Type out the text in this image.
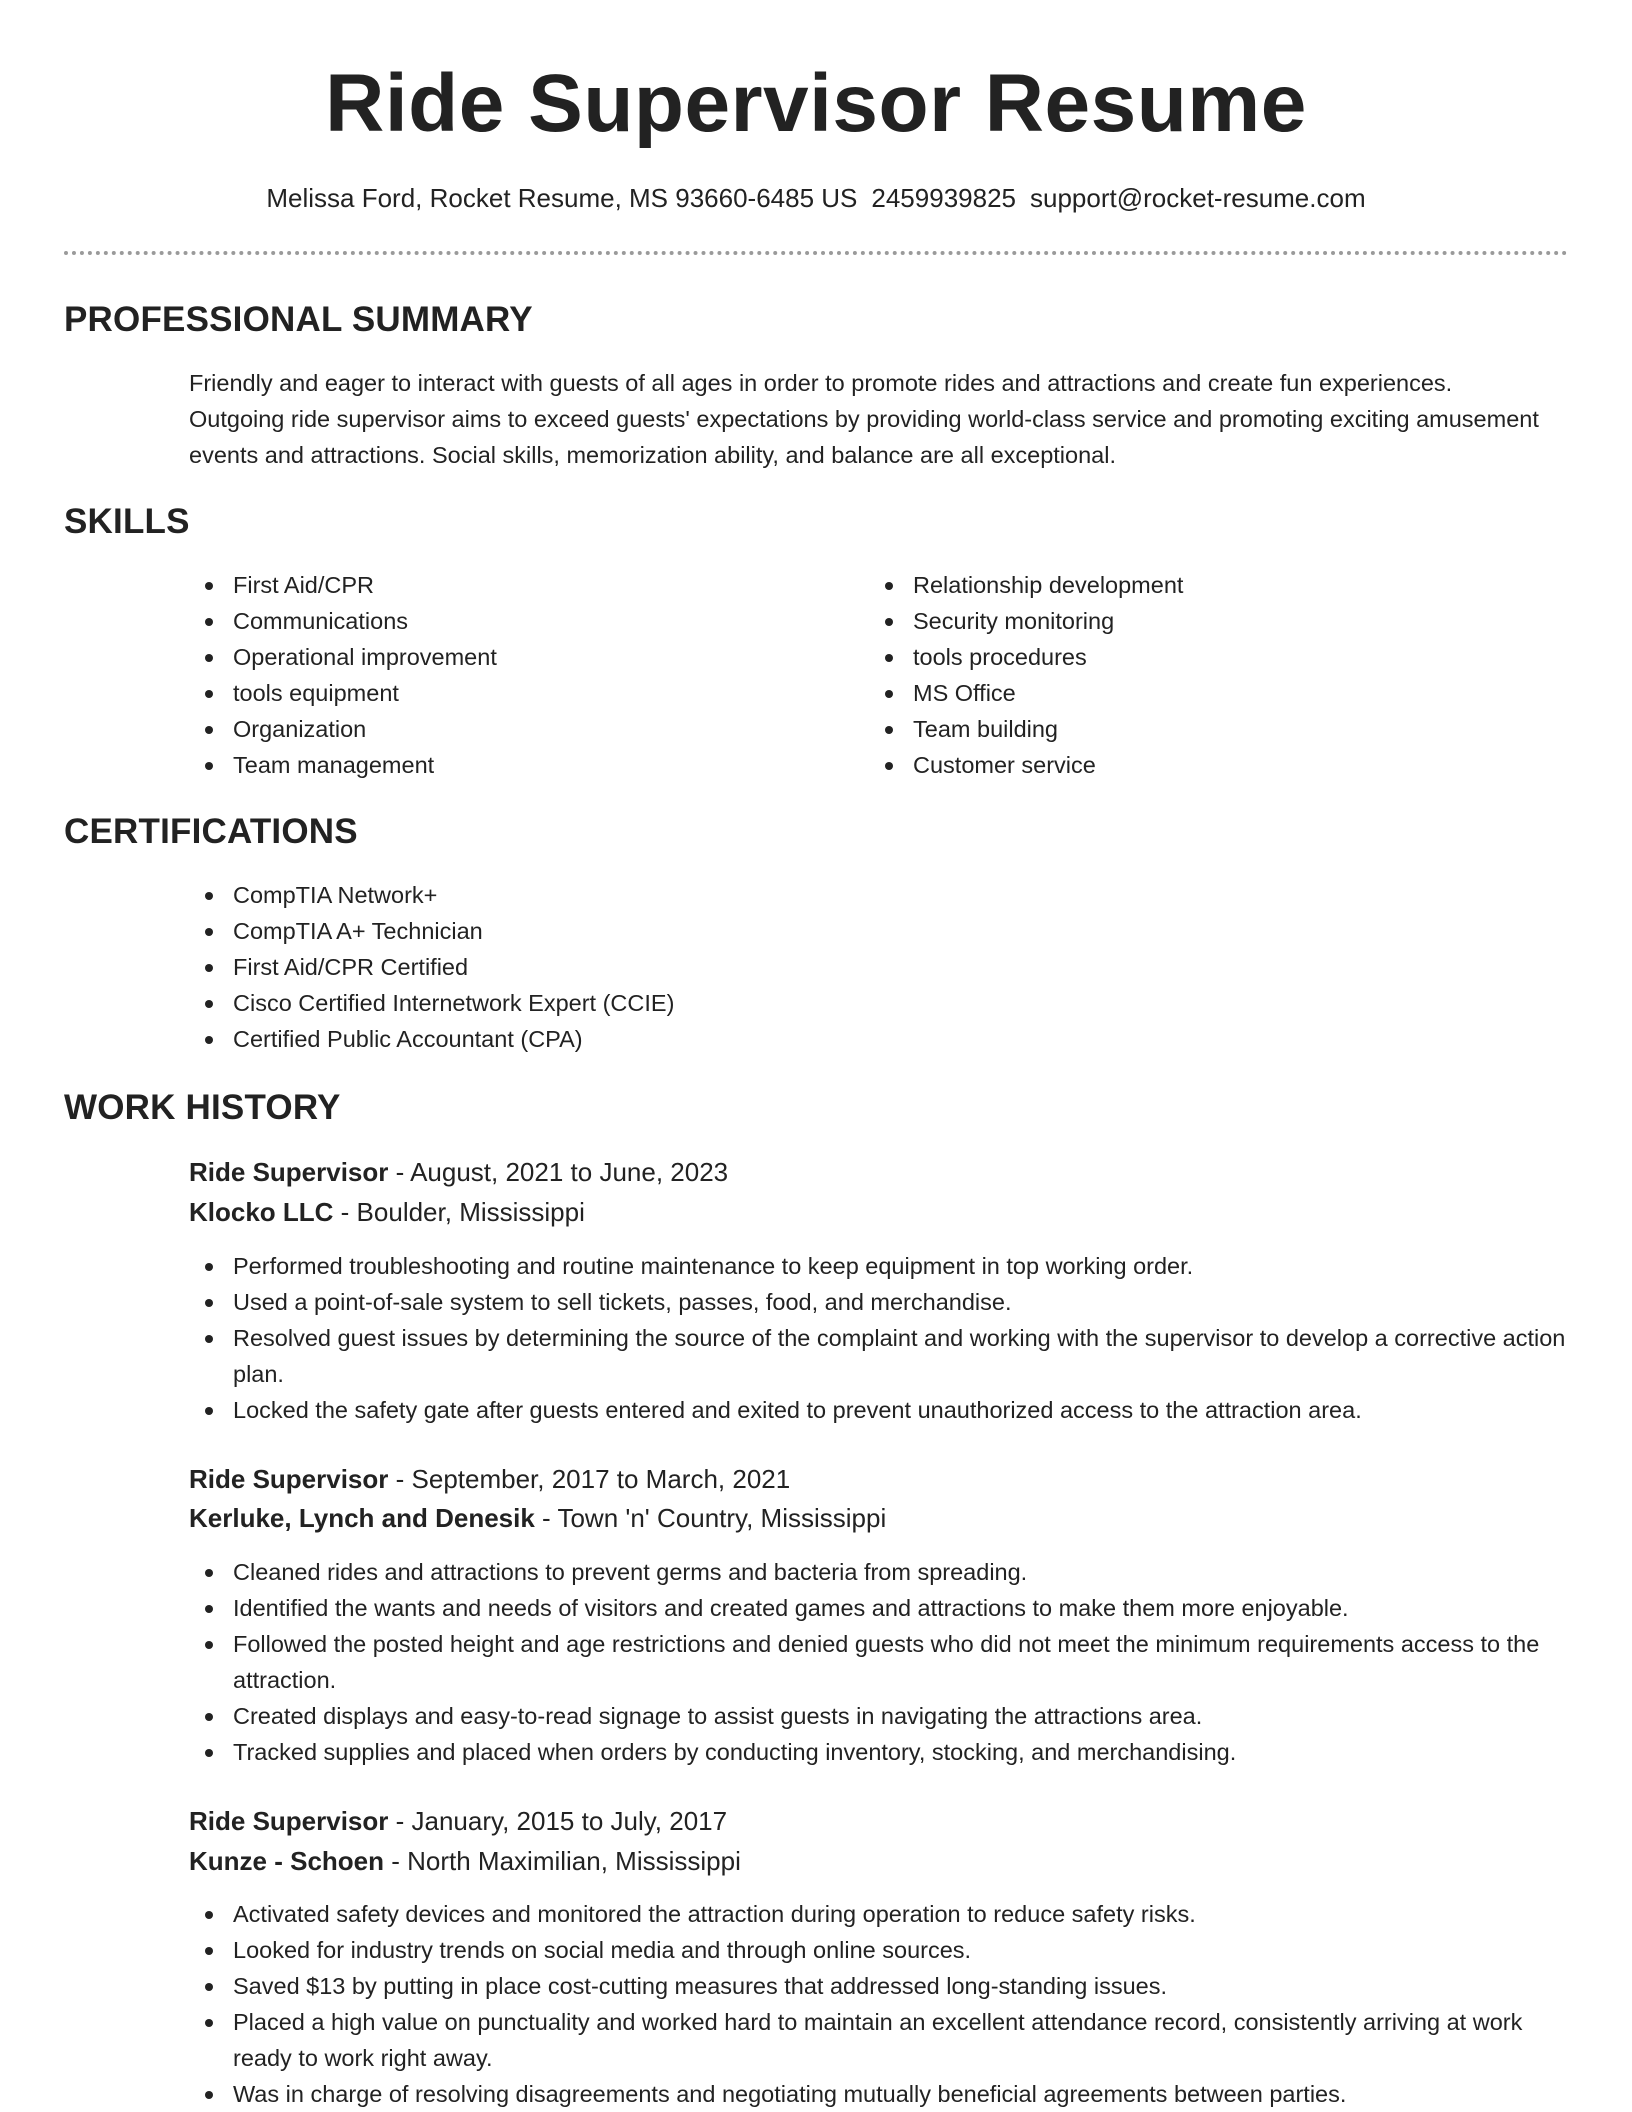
Ride Supervisor Resume
Melissa Ford, Rocket Resume, MS 93660-6485 US 2459939825 support@rocket-resume.com
PROFESSIONAL SUMMARY

Friendly and eager to interact with guests of all ages in order to promote rides and attractions and create fun experiences. Outgoing ride supervisor aims to exceed guests' expectations by providing world-class service and promoting exciting amusement events and attractions. Social skills, memorization ability, and balance are all exceptional.

SKILLS
First Aid/CPR
Communications
Operational improvement
tools equipment
Organization
Team management
Relationship development
Security monitoring
tools procedures
MS Office
Team building
Customer service
CERTIFICATIONS
CompTIA Network+
CompTIA A+ Technician
First Aid/CPR Certified
Cisco Certified Internetwork Expert (CCIE)
Certified Public Accountant (CPA)
WORK HISTORY
Ride Supervisor - August, 2021 to June, 2023
Klocko LLC - Boulder, Mississippi
Performed troubleshooting and routine maintenance to keep equipment in top working order.
Used a point-of-sale system to sell tickets, passes, food, and merchandise.
Resolved guest issues by determining the source of the complaint and working with the supervisor to develop a corrective action plan.
Locked the safety gate after guests entered and exited to prevent unauthorized access to the attraction area.
Ride Supervisor - September, 2017 to March, 2021
Kerluke, Lynch and Denesik - Town 'n' Country, Mississippi
Cleaned rides and attractions to prevent germs and bacteria from spreading.
Identified the wants and needs of visitors and created games and attractions to make them more enjoyable.
Followed the posted height and age restrictions and denied guests who did not meet the minimum requirements access to the attraction.
Created displays and easy-to-read signage to assist guests in navigating the attractions area.
Tracked supplies and placed when orders by conducting inventory, stocking, and merchandising.
Ride Supervisor - January, 2015 to July, 2017
Kunze - Schoen - North Maximilian, Mississippi
Activated safety devices and monitored the attraction during operation to reduce safety risks.
Looked for industry trends on social media and through online sources.
Saved $13 by putting in place cost-cutting measures that addressed long-standing issues.
Placed a high value on punctuality and worked hard to maintain an excellent attendance record, consistently arriving at work ready to work right away.
Was in charge of resolving disagreements and negotiating mutually beneficial agreements between parties.
